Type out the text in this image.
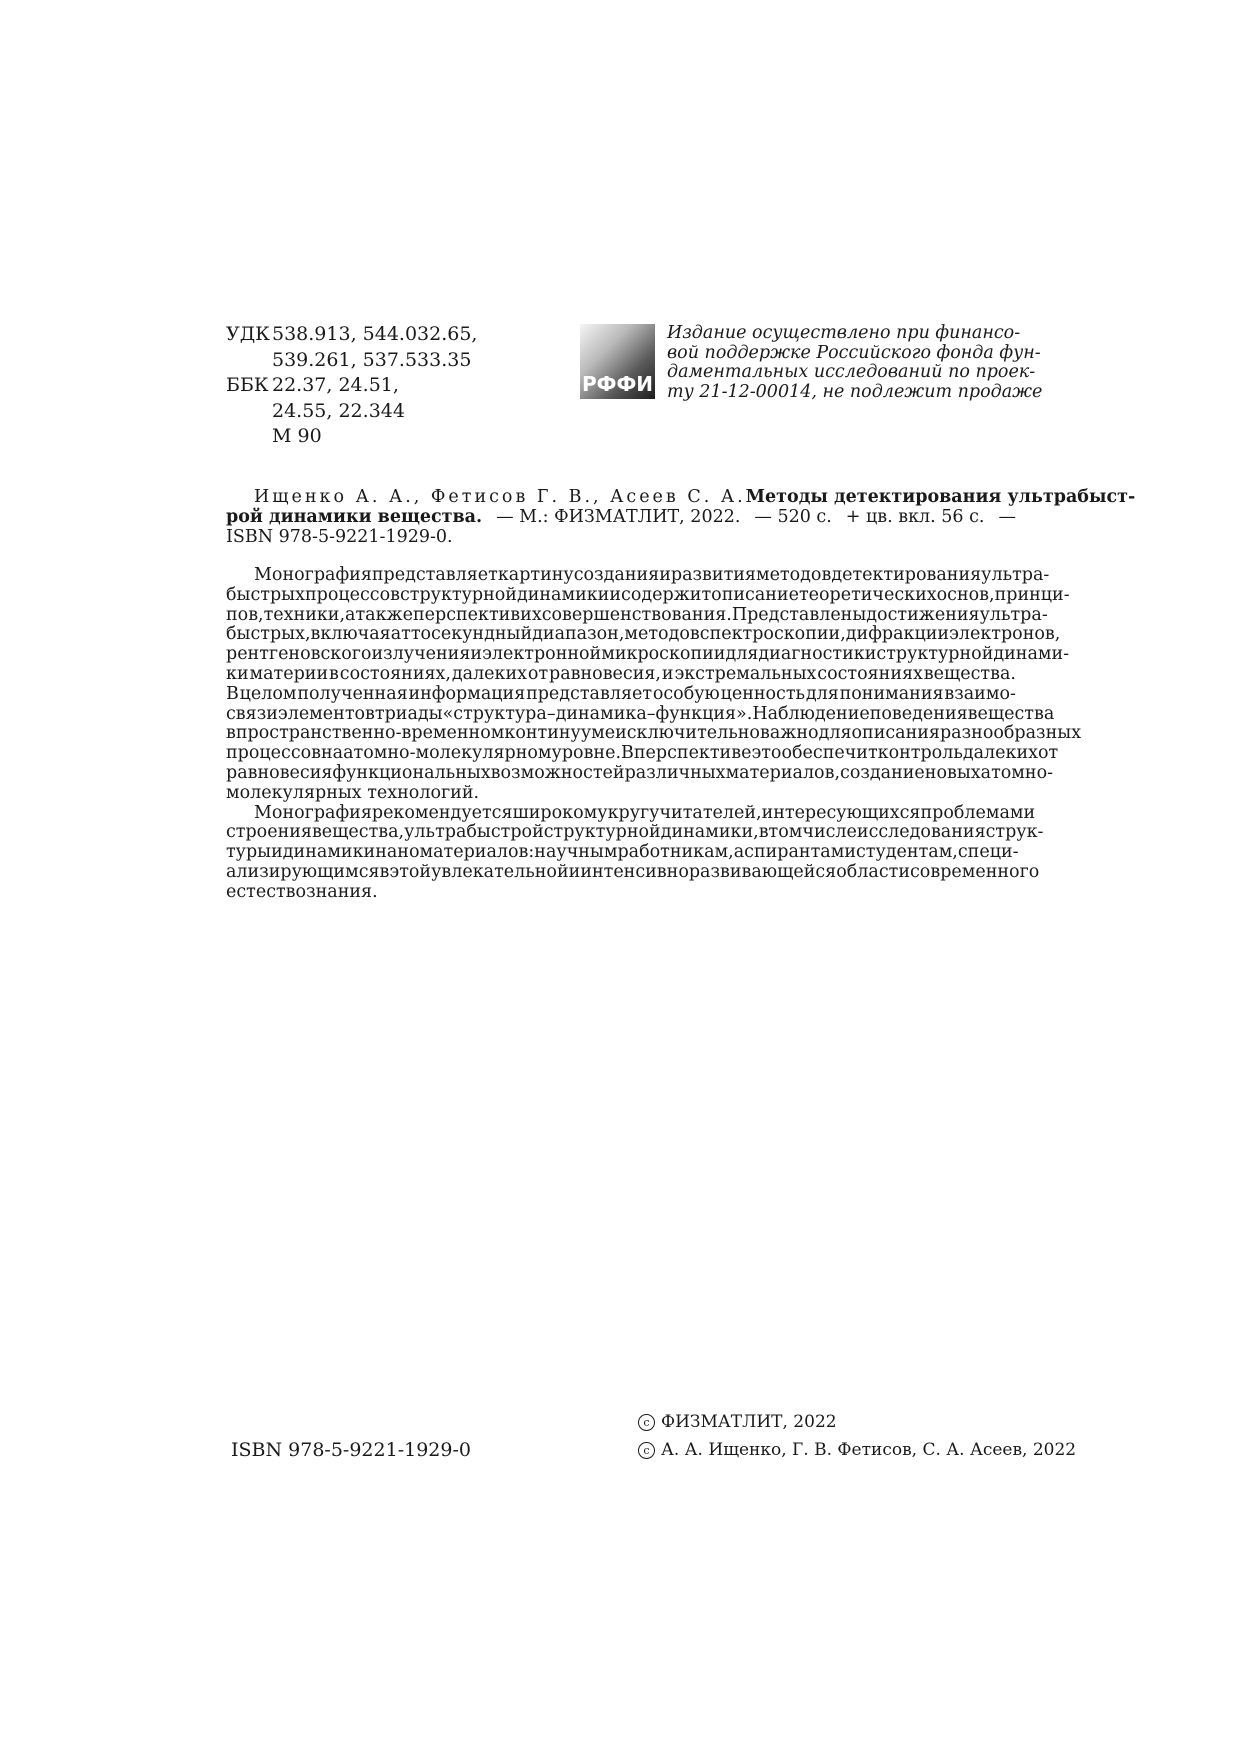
УДК 538.913, 544.032.65,
539.261, 537.533.35
ББК 22.37, 24.51,
24.55, 22.344
М 90
РФФИ
Издание осуществлено при финансо-
вой поддержке Российского фонда фун-
даментальных исследований по проек-
ту 21-12-00014, не подлежит продаже
Ищенко А. А., Фетисов Г. В., Асеев С. А. Методы детектирования ультрабыст-
рой динамики вещества. — М.: ФИЗМАТЛИТ, 2022. — 520 с. + цв. вкл. 56 с. —
ISBN 978-5-9221-1929-0.
Монография представляет картину создания и развития методов детектирования ультра-
быстрых процессов структурной динамики и содержит описание теоретических основ, принци-
пов, техники, а также перспектив их совершенствования. Представлены достижения ультра-
быстрых, включая аттосекундный диапазон, методов спектроскопии, дифракции электронов,
рентгеновского излучения и электронной микроскопии для диагностики структурной динами-
ки материи в состояниях, далеких от равновесия, и экстремальных состояниях вещества.
В целом полученная информация представляет особую ценность для понимания взаимо-
связи элементов триады «структура–динамика–функция». Наблюдение поведения вещества
в пространственно-временном континууме исключительно важно для описания разнообразных
процессов на атомно-молекулярном уровне. В перспективе это обеспечит контроль далеких от
равновесия функциональных возможностей различных материалов, создание новых атомно-
молекулярных технологий.
Монография рекомендуется широкому кругу читателей, интересующихся проблемами
строения вещества, ультрабыстрой структурной динамики, в том числе исследования струк-
туры и динамики наноматериалов: научным работникам, аспирантам и студентам, специ-
ализирующимся в этой увлекательной и интенсивно развивающейся области современного
естествознания.
ISBN 978-5-9221-1929-0
c ФИЗМАТЛИТ, 2022
c А. А. Ищенко, Г. В. Фетисов, С. А. Асеев, 2022
